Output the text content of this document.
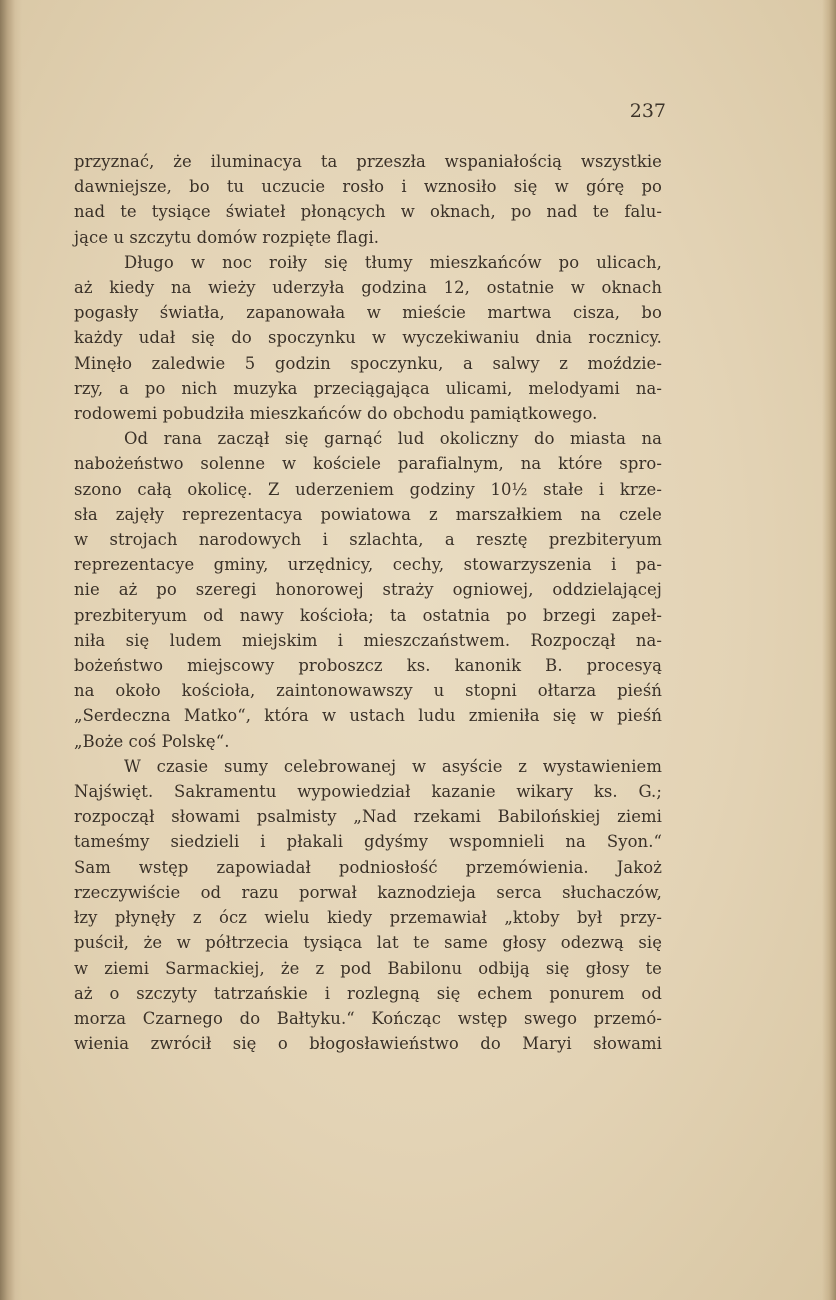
237
przyznać, że iluminacya ta przeszła wspaniałością wszystkie
dawniejsze, bo tu uczucie rosło i wznosiło się w górę po
nad te tysiące świateł płonących w oknach, po nad te falu-
jące u szczytu domów rozpięte flagi.
Długo w noc roiły się tłumy mieszkańców po ulicach,
aż kiedy na wieży uderzyła godzina 12, ostatnie w oknach
pogasły światła, zapanowała w mieście martwa cisza, bo
każdy udał się do spoczynku w wyczekiwaniu dnia rocznicy.
Minęło zaledwie 5 godzin spoczynku, a salwy z moździe-
rzy, a po nich muzyka przeciągająca ulicami, melodyami na-
rodowemi pobudziła mieszkańców do obchodu pamiątkowego.
Od rana zaczął się garnąć lud okoliczny do miasta na
nabożeństwo solenne w kościele parafialnym, na które spro-
szono całą okolicę. Z uderzeniem godziny 10½ stałe i krze-
sła zajęły reprezentacya powiatowa z marszałkiem na czele
w strojach narodowych i szlachta, a resztę prezbiteryum
reprezentacye gminy, urzędnicy, cechy, stowarzyszenia i pa-
nie aż po szeregi honorowej straży ogniowej, oddzielającej
prezbiteryum od nawy kościoła; ta ostatnia po brzegi zapeł-
niła się ludem miejskim i mieszczaństwem. Rozpoczął na-
bożeństwo miejscowy proboszcz ks. kanonik B. procesyą
na około kościoła, zaintonowawszy u stopni ołtarza pieśń
„Serdeczna Matko“, która w ustach ludu zmieniła się w pieśń
„Boże coś Polskę“.
W czasie sumy celebrowanej w asyście z wystawieniem
Najświęt. Sakramentu wypowiedział kazanie wikary ks. G.;
rozpoczął słowami psalmisty „Nad rzekami Babilońskiej ziemi
tameśmy siedzieli i płakali gdyśmy wspomnieli na Syon.“
Sam wstęp zapowiadał podniosłość przemówienia. Jakoż
rzeczywiście od razu porwał kaznodzieja serca słuchaczów,
łzy płynęły z ócz wielu kiedy przemawiał „ktoby był przy-
puścił, że w półtrzecia tysiąca lat te same głosy odezwą się
w ziemi Sarmackiej, że z pod Babilonu odbiją się głosy te
aż o szczyty tatrzańskie i rozlegną się echem ponurem od
morza Czarnego do Bałtyku.“ Kończąc wstęp swego przemó-
wienia zwrócił się o błogosławieństwo do Maryi słowami
